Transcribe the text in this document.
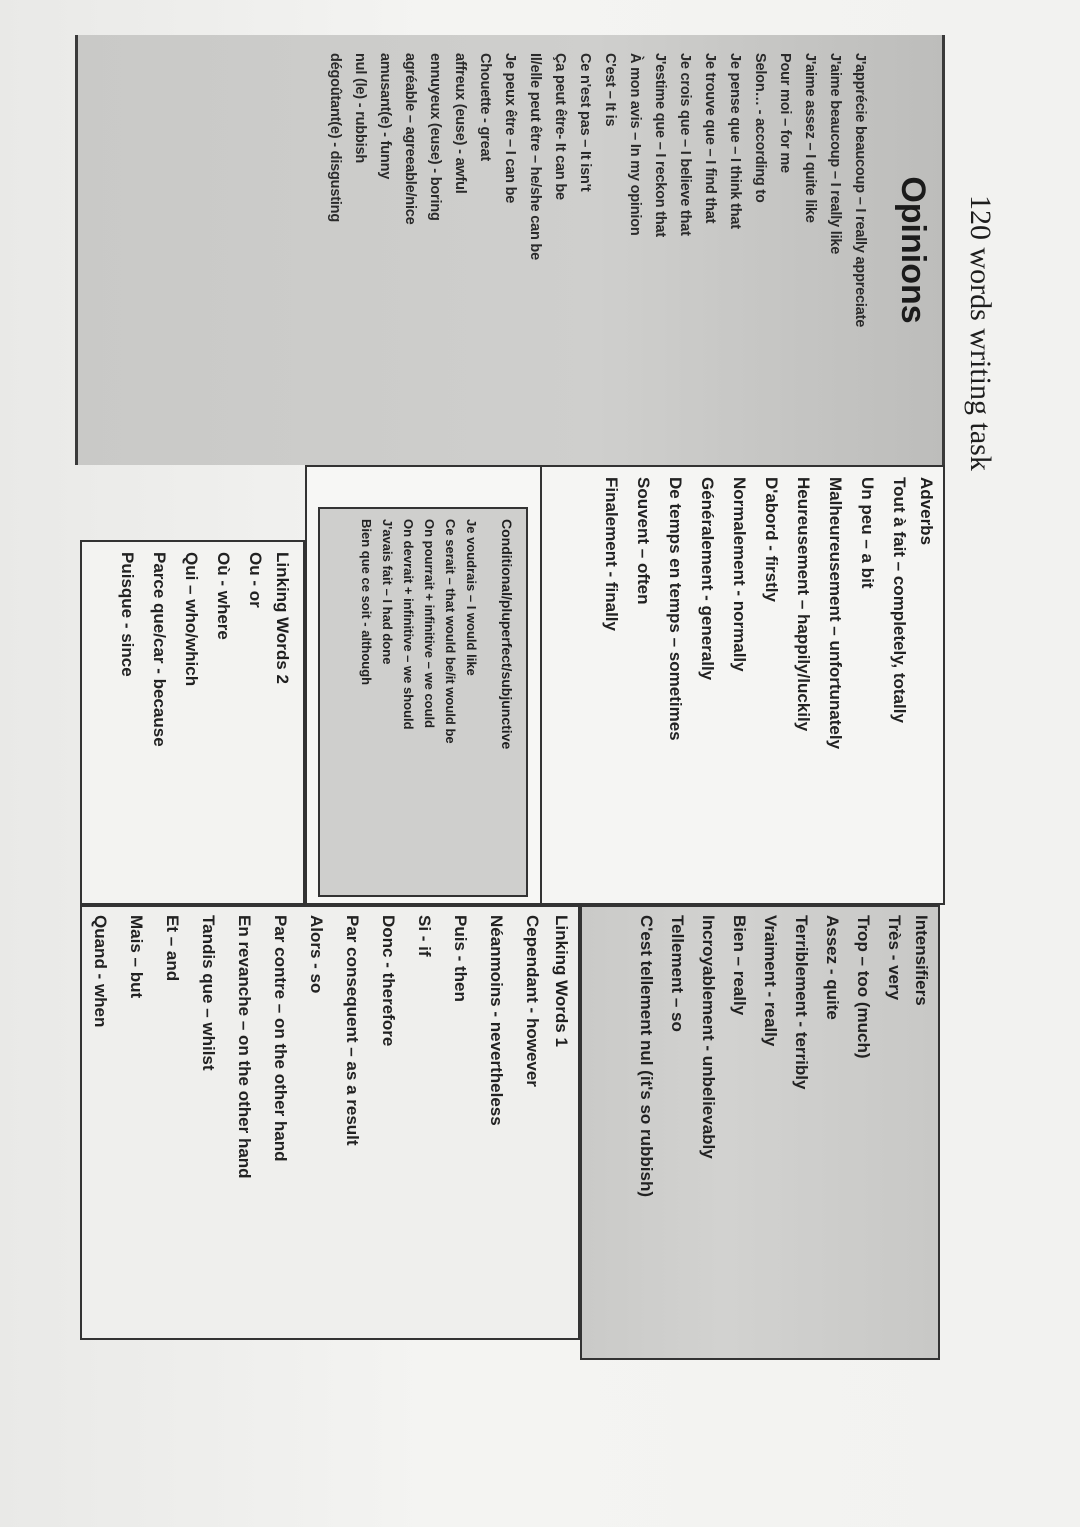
120 words writing task
Opinions
J'apprécie beaucoup – I really appreciate
J'aime beaucoup – I really like
J'aime assez – I quite like
Pour moi – for me
Selon… - according to
Je pense que – I think that
Je trouve que – I find that
Je crois que – I believe that
J'estime que – I reckon that
À mon avis – In my opinion
C'est – It is
Ce n'est pas – It isn't
Ça peut être- It can be
Il/elle peut être – he/she can be
Je peux être – I can be
Chouette - great
affreux (euse) - awful
ennuyeux (euse) - boring
agréable – agreeable/nice
amusant(e) - funny
nul (le) - rubbish
dégoûtant(e) - disgusting
Adverbs
Tout à fait – completely, totally
Un peu – a bit
Malheureusement – unfortunately
Heureusement – happily/luckily
D'abord - firstly
Normalement - normally
Généralement - generally
De temps en temps – sometimes
Souvent – often
Finalement - finally
Conditional/pluperfect/subjunctive
Je voudrais – I would like
Ce serait – that would be/it would be
On pourrait + infinitive – we could
On devrait + infinitive – we should
J'avais fait – I had done
Bien que ce soit - although
Linking Words 2
Ou - or
Où - where
Qui – who/which
Parce que/car - because
Puisque - since
Intensifiers
Très - very
Trop – too (much)
Assez - quite
Terriblement - terribly
Vraiment - really
Bien – really
Incroyablement - unbelievably
Tellement – so
C'est tellement nul (it's so rubbish)
Linking Words 1
Cependant - however
Néanmoins - nevertheless
Puis - then
Si - if
Donc - therefore
Par consequent – as a result
Alors - so
Par contre – on the other hand
En revanche – on the other hand
Tandis que – whilst
Et – and
Mais – but
Quand - when
